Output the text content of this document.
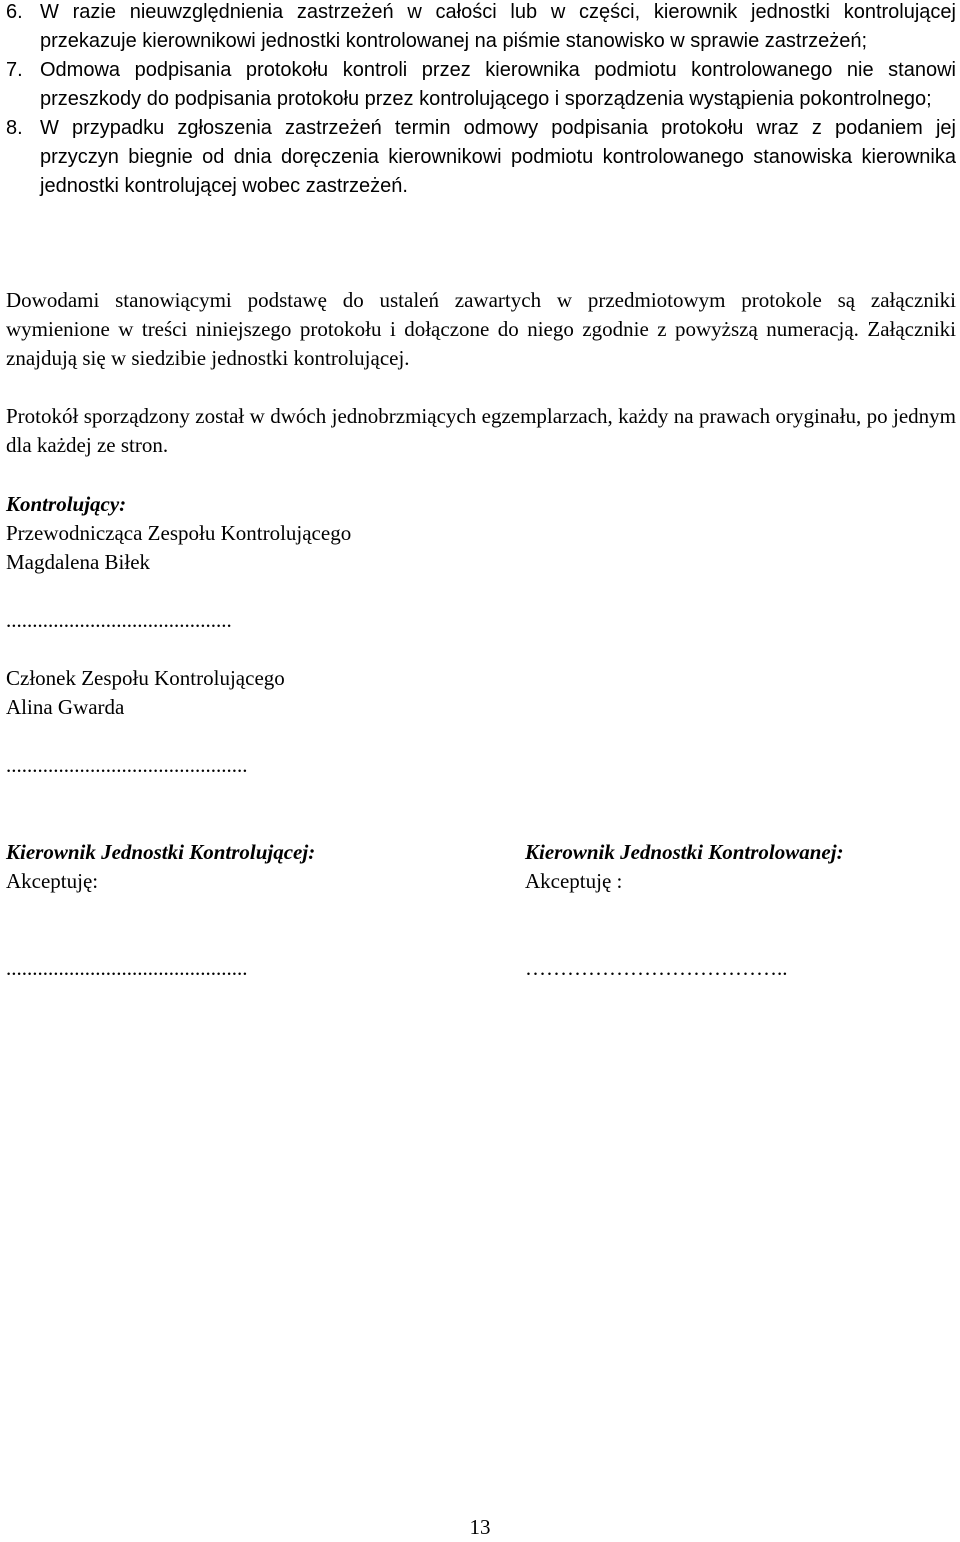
6. W razie nieuwzględnienia zastrzeżeń w całości lub w części, kierownik jednostki kontrolującej przekazuje kierownikowi jednostki kontrolowanej na piśmie stanowisko w sprawie zastrzeżeń;
7. Odmowa podpisania protokołu kontroli przez kierownika podmiotu kontrolowanego nie stanowi przeszkody do podpisania protokołu przez kontrolującego i sporządzenia wystąpienia pokontrolnego;
8. W przypadku zgłoszenia zastrzeżeń termin odmowy podpisania protokołu wraz z podaniem jej przyczyn biegnie od dnia doręczenia kierownikowi podmiotu kontrolowanego stanowiska kierownika jednostki kontrolującej wobec zastrzeżeń.

Dowodami stanowiącymi podstawę do ustaleń zawartych w przedmiotowym protokole są załączniki wymienione w treści niniejszego protokołu i dołączone do niego zgodnie z powyższą numeracją. Załączniki znajdują się w siedzibie jednostki kontrolującej.

Protokół sporządzony został w dwóch jednobrzmiących egzemplarzach, każdy na prawach oryginału, po jednym dla każdej ze stron.

Kontrolujący:

Przewodnicząca Zespołu Kontrolującego

Magdalena Biłek

...........................................

Członek Zespołu Kontrolującego

Alina Gwarda

..............................................

Kierownik Jednostki Kontrolującej:

Akceptuję:

..............................................

Kierownik Jednostki Kontrolowanej:

Akceptuję :

………………………………..

13
